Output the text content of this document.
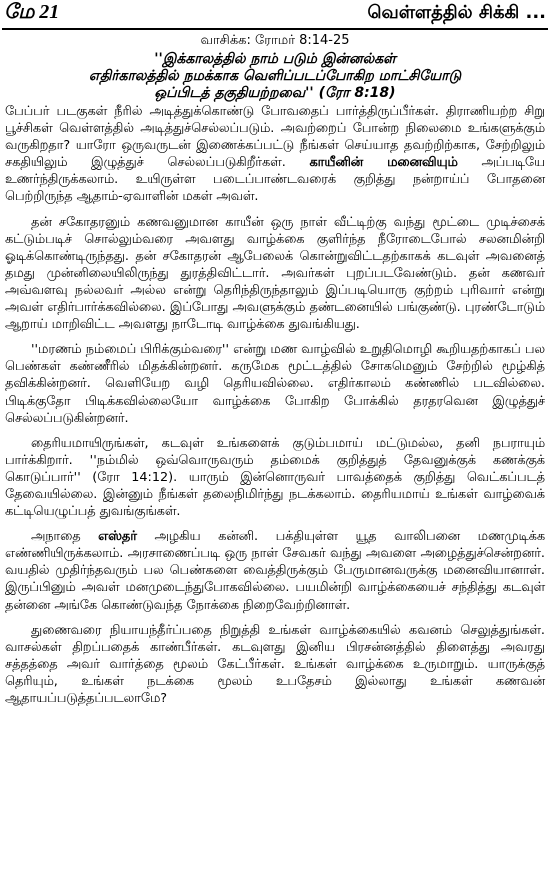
மே 21	வெள்ளத்தில் சிக்கி ...
வாசிக்க: ரோமர் 8:14-25
''இக்காலத்தில் நாம் படும் இன்னல்கள்
எதிர்காலத்தில் நமக்காக வெளிப்படப்போகிற மாட்சியோடு
ஒப்பிடத் தகுதியற்றவை'' (ரோ 8:18)

பேப்பர் படகுகள் நீரில் அடித்துக்கொண்டு போவதைப் பார்த்திருப்பீர்கள். திராணியற்ற சிறு பூச்சிகள் வெள்ளத்தில் அடித்துச்செல்லப்படும். அவற்றைப் போன்ற நிலைமை உங்களுக்கும் வருகிறதா? யாரோ ஒருவருடன் இணைக்கப்பட்டு நீங்கள் செய்யாத தவற்றிற்காக, சேற்றிலும் சகதியிலும் இழுத்துச் செல்லப்படுகிறீர்கள். காயீனின் மனைவியும் அப்படியே உணர்ந்திருக்கலாம். உயிருள்ள படைப்பாண்டவரைக் குறித்து நன்றாய்ப் போதனை பெற்றிருந்த ஆதாம்-ஏவாளின் மகள் அவள்.

தன் சகோதரனும் கணவனுமான காயீன் ஒரு நாள் வீட்டிற்கு வந்து மூட்டை முடிச்சைக் கட்டும்படிச் சொல்லும்வரை அவளது வாழ்க்கை குளிர்ந்த நீரோடைபோல் சலனமின்றி ஓடிக்கொண்டிருந்தது. தன் சகோதரன் ஆபேலைக் கொன்றுவிட்டதற்காகக் கடவுள் அவனைத் தமது முன்னிலையிலிருந்து துரத்திவிட்டார். அவர்கள் புறப்படவேண்டும். தன் கணவர் அவ்வளவு நல்லவர் அல்ல என்று தெரிந்திருந்தாலும் இப்படியொரு குற்றம் புரிவார் என்று அவள் எதிர்பார்க்கவில்லை. இப்போது அவளுக்கும் தண்டனையில் பங்குண்டு. புரண்டோடும் ஆறாய் மாறிவிட்ட அவளது நாடோடி வாழ்க்கை துவங்கியது.

''மரணம் நம்மைப் பிரிக்கும்வரை'' என்று மண வாழ்வில் உறுதிமொழி கூறியதற்காகப் பல பெண்கள் கண்ணீரில் மிதக்கின்றனர். கருமேக மூட்டத்தில் சோகமெனும் சேற்றில் மூழ்கித் தவிக்கின்றனர். வெளியேற வழி தெரியவில்லை. எதிர்காலம் கண்ணில் படவில்லை. பிடிக்குதோ பிடிக்கவில்லையோ வாழ்க்கை போகிற போக்கில் தரதரவென இழுத்துச் செல்லப்படுகின்றனர்.

தைரியமாயிருங்கள், கடவுள் உங்களைக் குடும்பமாய் மட்டுமல்ல, தனி நபராயும் பார்க்கிறார். ''நம்மில் ஒவ்வொருவரும் தம்மைக் குறித்துத் தேவனுக்குக் கணக்குக் கொடுப்பார்'' (ரோ 14:12). யாரும் இன்னொருவர் பாவத்தைக் குறித்து வெட்கப்படத் தேவையில்லை. இன்னும் நீங்கள் தலைநிமிர்ந்து நடக்கலாம். தைரியமாய் உங்கள் வாழ்வைக் கட்டியெழுப்பத் துவங்குங்கள்.

அநாதை எஸ்தர் அழகிய கன்னி. பக்தியுள்ள யூத வாலிபனை மணமுடிக்க எண்ணியிருக்கலாம். அரசாணைப்படி ஒரு நாள் சேவகர் வந்து அவளை அழைத்துச்சென்றனர். வயதில் முதிர்ந்தவரும் பல பெண்களை வைத்திருக்கும் பேருமானவருக்கு மனைவியானாள். இருப்பினும் அவள் மனமுடைந்துபோகவில்லை. பயமின்றி வாழ்க்கையைச் சந்தித்து கடவுள் தன்னை அங்கே கொண்டுவந்த நோக்கை நிறைவேற்றினாள்.

துணைவரை நியாயந்தீர்ப்பதை நிறுத்தி உங்கள் வாழ்க்கையில் கவனம் செலுத்துங்கள். வாசல்கள் திறப்பதைக் காண்பீர்கள். கடவுளது இனிய பிரசன்னத்தில் திளைத்து அவரது சத்தத்தை அவர் வார்த்தை மூலம் கேட்பீர்கள். உங்கள் வாழ்க்கை உருமாறும். யாருக்குத் தெரியும், உங்கள் நடக்கை மூலம் உபதேசம் இல்லாது உங்கள் கணவன் ஆதாயப்படுத்தப்படலாமே?
